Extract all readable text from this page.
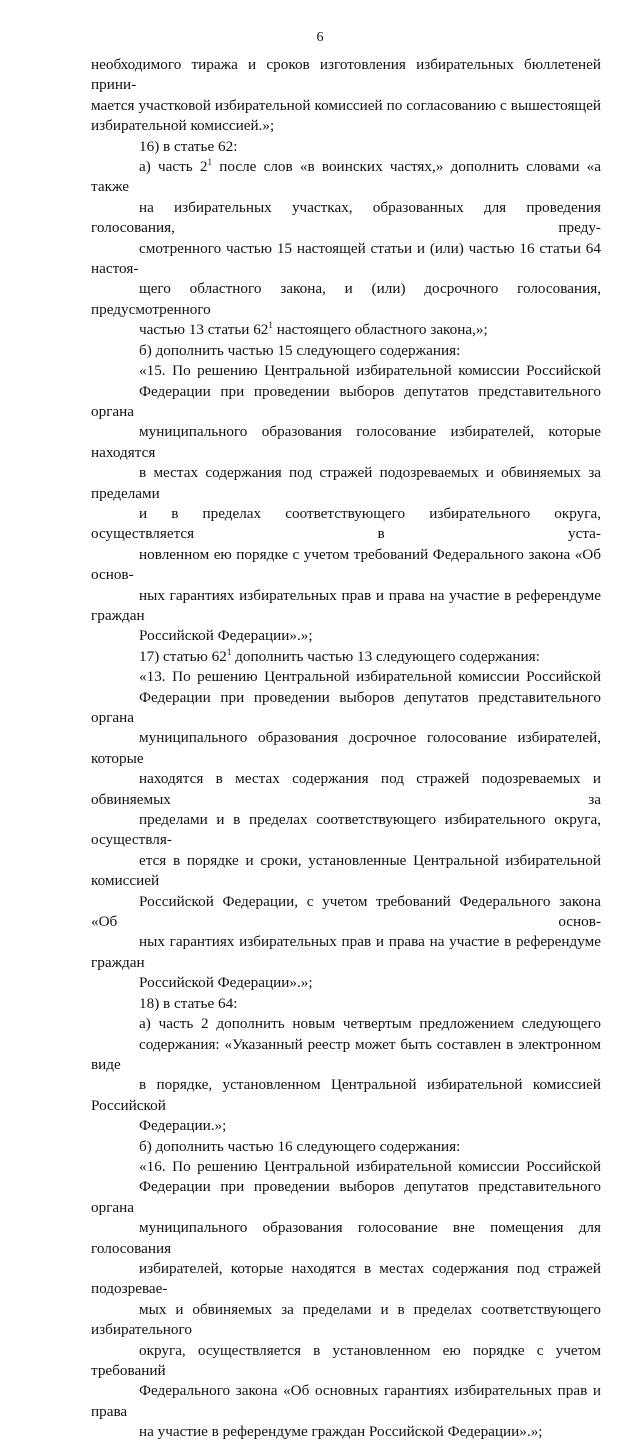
6

необходимого тиража и сроков изготовления избирательных бюллетеней прини-
мается участковой избирательной комиссией по согласованию с вышестоящей
избирательной комиссией.»;

16) в статье 62:

а) часть $2^1$ после слов «в воинских частях,» дополнить словами «а также
на избирательных участках, образованных для проведения голосования, преду-
смотренного частью 15 настоящей статьи и (или) частью 16 статьи 64 настоя-
щего областного закона, и (или) досрочного голосования, предусмотренного
частью 13 статьи $62^1$ настоящего областного закона,»;

б) дополнить частью 15 следующего содержания:

«15. По решению Центральной избирательной комиссии Российской
Федерации при проведении выборов депутатов представительного органа
муниципального образования голосование избирателей, которые находятся
в местах содержания под стражей подозреваемых и обвиняемых за пределами
и в пределах соответствующего избирательного округа, осуществляется в уста-
новленном ею порядке с учетом требований Федерального закона «Об основ-
ных гарантиях избирательных прав и права на участие в референдуме граждан
Российской Федерации».»;

17) статью $62^1$ дополнить частью 13 следующего содержания:

«13. По решению Центральной избирательной комиссии Российской
Федерации при проведении выборов депутатов представительного органа
муниципального образования досрочное голосование избирателей, которые
находятся в местах содержания под стражей подозреваемых и обвиняемых за
пределами и в пределах соответствующего избирательного округа, осуществля-
ется в порядке и сроки, установленные Центральной избирательной комиссией
Российской Федерации, с учетом требований Федерального закона «Об основ-
ных гарантиях избирательных прав и права на участие в референдуме граждан
Российской Федерации».»;

18) в статье 64:

а) часть 2 дополнить новым четвертым предложением следующего
содержания: «Указанный реестр может быть составлен в электронном виде
в порядке, установленном Центральной избирательной комиссией Российской
Федерации.»;

б) дополнить частью 16 следующего содержания:

«16. По решению Центральной избирательной комиссии Российской
Федерации при проведении выборов депутатов представительного органа
муниципального образования голосование вне помещения для голосования
избирателей, которые находятся в местах содержания под стражей подозревае-
мых и обвиняемых за пределами и в пределах соответствующего избирательного
округа, осуществляется в установленном ею порядке с учетом требований
Федерального закона «Об основных гарантиях избирательных прав и права
на участие в референдуме граждан Российской Федерации».»;
